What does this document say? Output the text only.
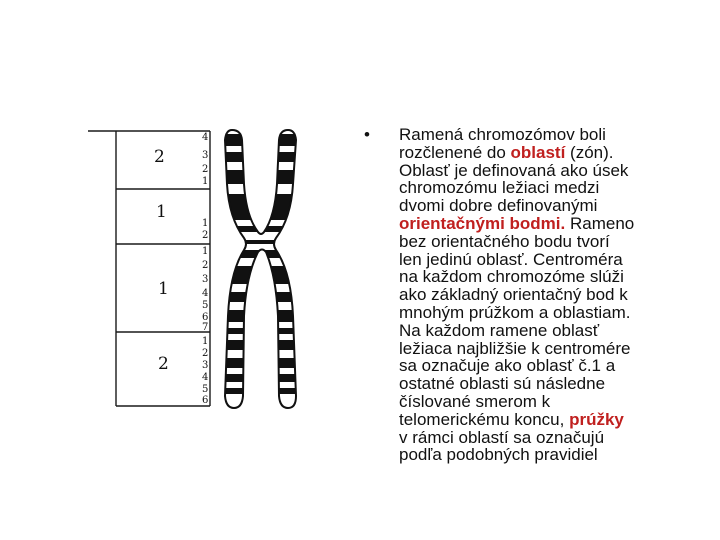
2
1
1
2
4
3
2
1
1
2
1
2
3
4
5
6
7
1
2
3
4
5
6
• Ramená chromozómov boli
rozčlenené do oblastí (zón).
Oblasť je definovaná ako úsek
chromozómu ležiaci medzi
dvomi dobre definovanými
orientačnými bodmi. Rameno
bez orientačného bodu tvorí
len jedinú oblasť. Centroméra
na každom chromozóme slúži
ako základný orientačný bod k
mnohým prúžkom a oblastiam.
Na každom ramene oblasť
ležiaca najbližšie k centromére
sa označuje ako oblasť č.1 a
ostatné oblasti sú následne
číslované smerom k
telomerickému koncu, prúžky
v rámci oblastí sa označujú
podľa podobných pravidiel
